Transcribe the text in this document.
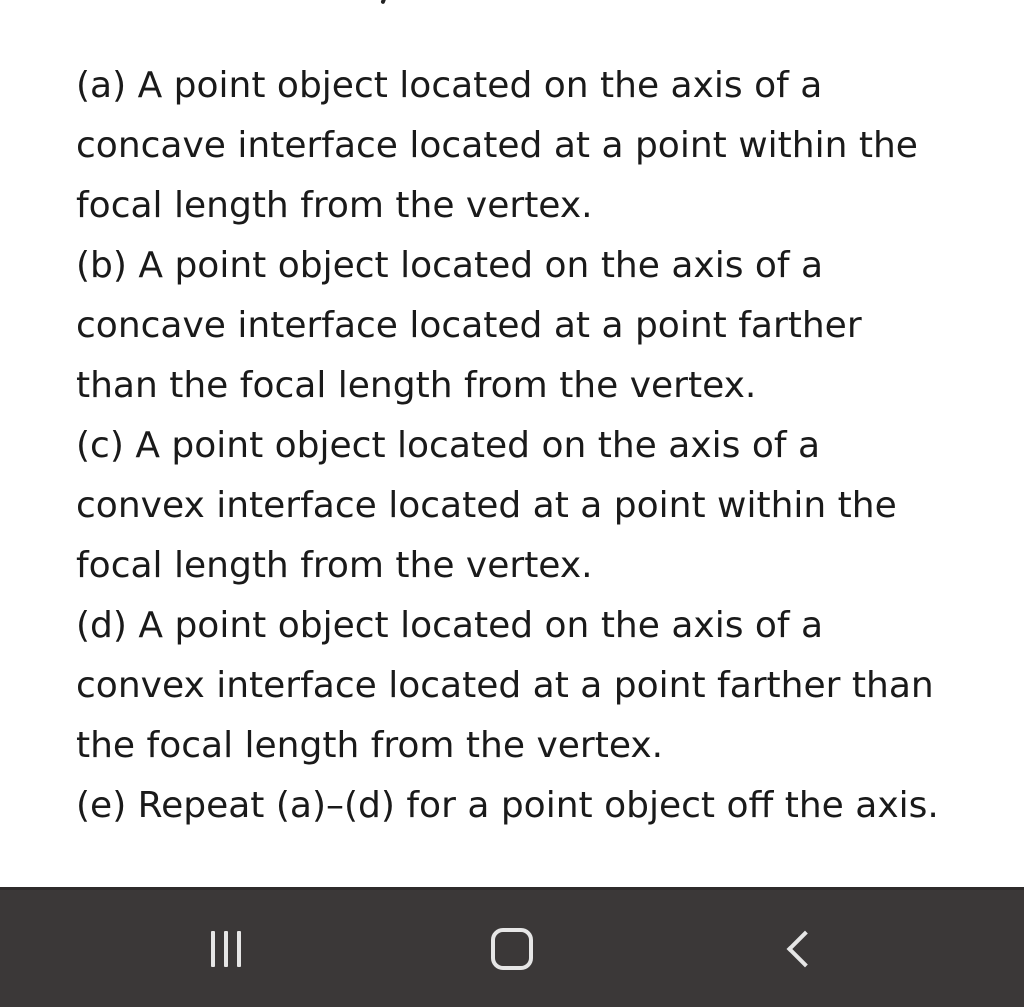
(a) A point object located on the axis of a
concave interface located at a point within the
focal length from the vertex.

(b) A point object located on the axis of a
concave interface located at a point farther
than the focal length from the vertex.

(c) A point object located on the axis of a
convex interface located at a point within the
focal length from the vertex.

(d) A point object located on the axis of a
convex interface located at a point farther than
the focal length from the vertex.

(e) Repeat (a)–(d) for a point object off the axis.
